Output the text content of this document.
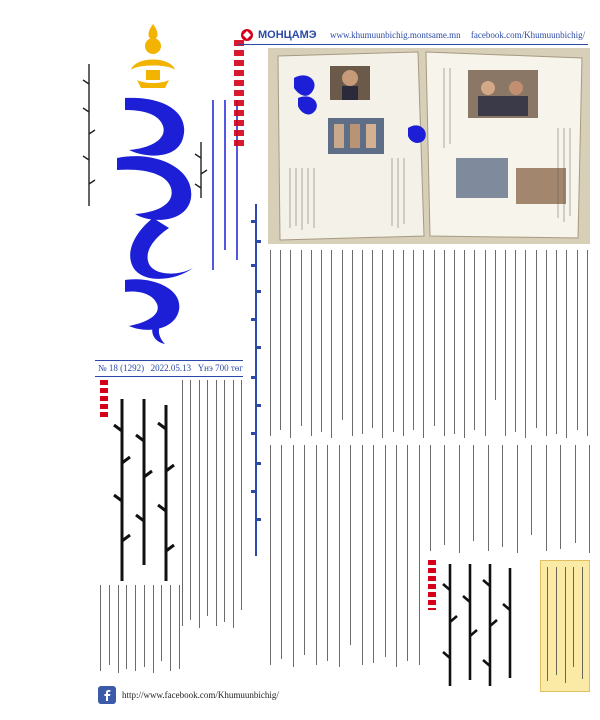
МОНЦАМЭ www.khumuunbichig.montsame.mn facebook.com/Khumuunbichig/
№ 18 (1292) 2022.05.13 Үнэ 700 төг
http://www.facebook.com/Khumuunbichig/
